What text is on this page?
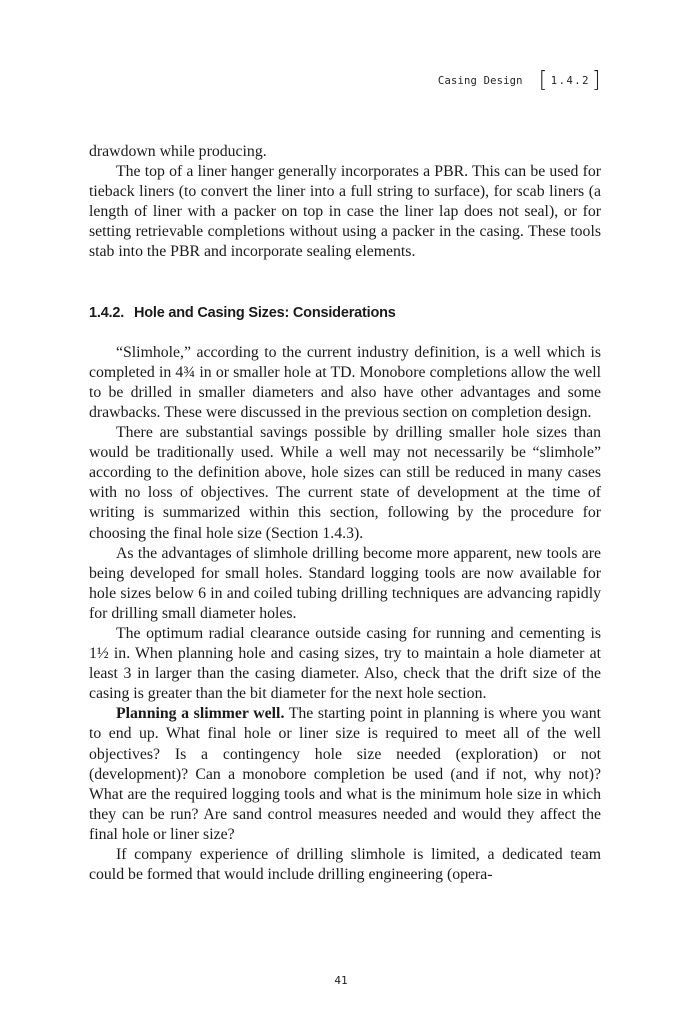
Casing Design [ 1.4.2 ]

drawdown while producing.

The top of a liner hanger generally incorporates a PBR. This can be used for tieback liners (to convert the liner into a full string to surface), for scab liners (a length of liner with a packer on top in case the liner lap does not seal), or for setting retrievable completions without using a packer in the casing. These tools stab into the PBR and incorporate sealing elements.

1.4.2. Hole and Casing Sizes: Considerations

“Slimhole,” according to the current industry definition, is a well which is completed in 4¾ in or smaller hole at TD. Monobore completions allow the well to be drilled in smaller diameters and also have other advantages and some drawbacks. These were discussed in the previous section on completion design.

There are substantial savings possible by drilling smaller hole sizes than would be traditionally used. While a well may not necessarily be “slimhole” according to the definition above, hole sizes can still be reduced in many cases with no loss of objectives. The current state of development at the time of writing is summarized within this section, following by the procedure for choosing the final hole size (Section 1.4.3).

As the advantages of slimhole drilling become more apparent, new tools are being developed for small holes. Standard logging tools are now available for hole sizes below 6 in and coiled tubing drilling techniques are advancing rapidly for drilling small diameter holes.

The optimum radial clearance outside casing for running and cementing is 1½ in. When planning hole and casing sizes, try to maintain a hole diameter at least 3 in larger than the casing diameter. Also, check that the drift size of the casing is greater than the bit diameter for the next hole section.

Planning a slimmer well. The starting point in planning is where you want to end up. What final hole or liner size is required to meet all of the well objectives? Is a contingency hole size needed (exploration) or not (development)? Can a monobore completion be used (and if not, why not)? What are the required logging tools and what is the minimum hole size in which they can be run? Are sand control measures needed and would they affect the final hole or liner size?

If company experience of drilling slimhole is limited, a dedicated team could be formed that would include drilling engineering (opera-

41
